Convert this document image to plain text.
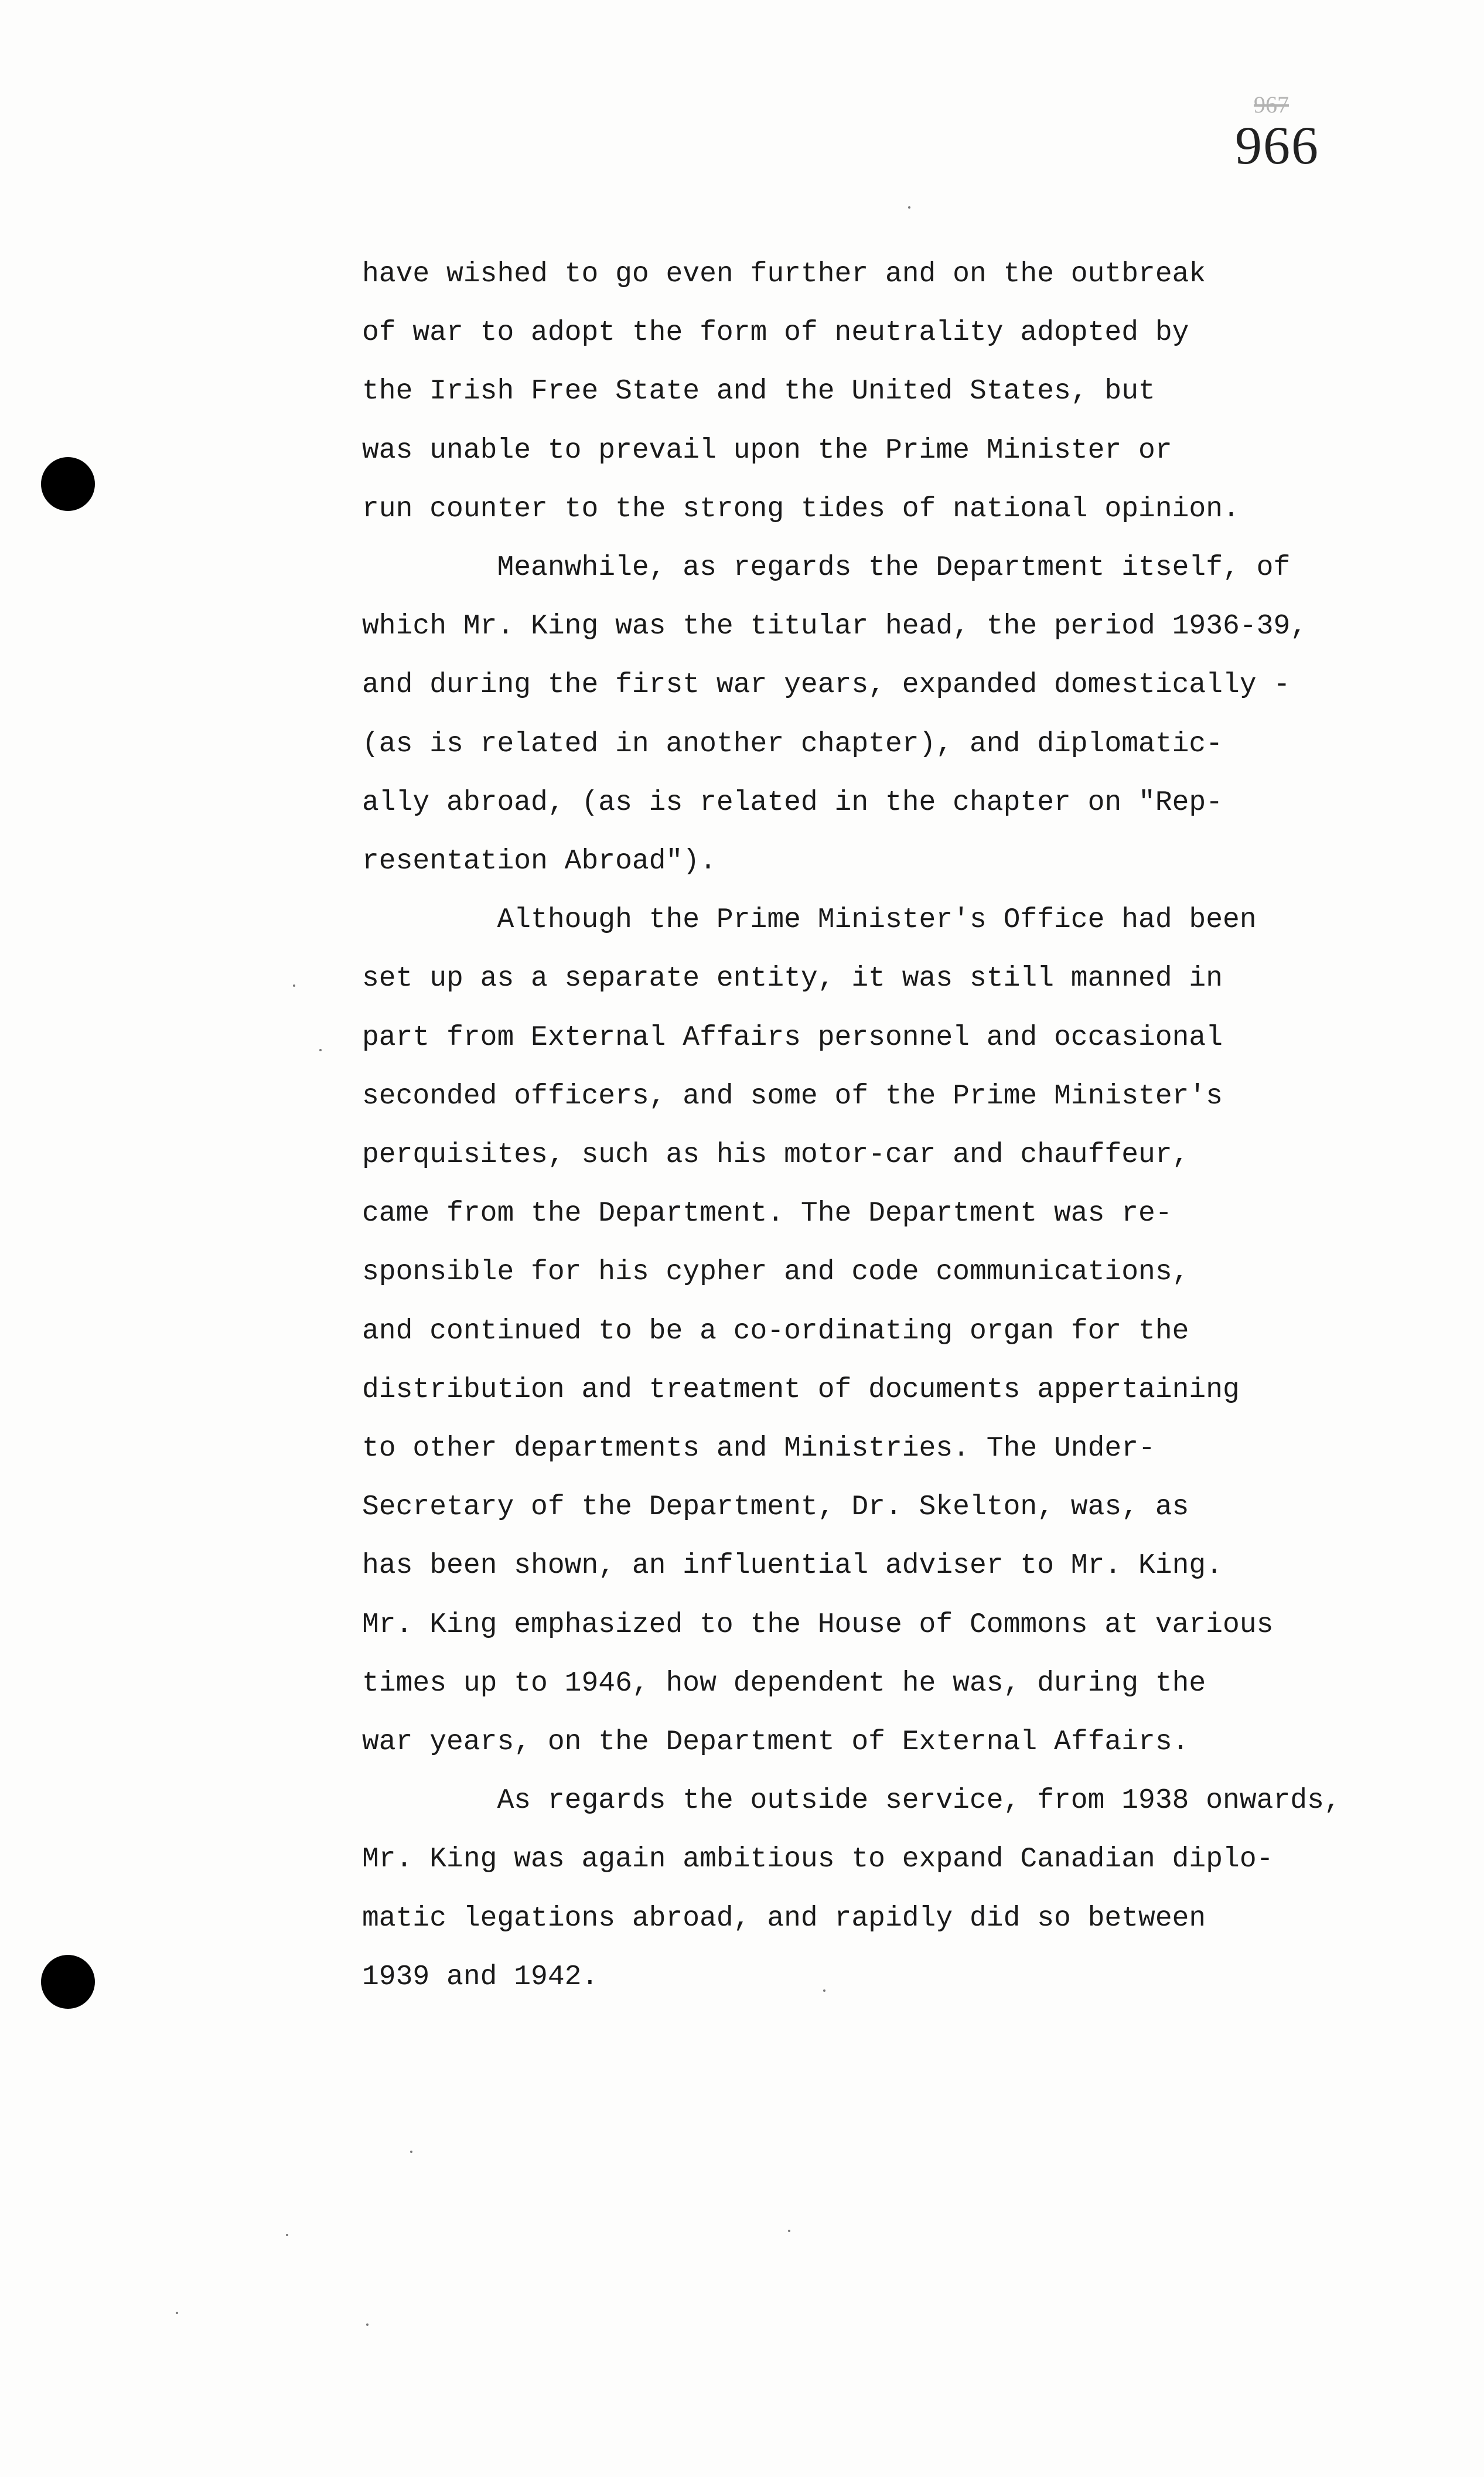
967
966
have wished to go even further and on the outbreak
of war to adopt the form of neutrality adopted by
the Irish Free State and the United States, but
was unable to prevail upon the Prime Minister or
run counter to the strong tides of national opinion.
Meanwhile, as regards the Department itself, of
which Mr. King was the titular head, the period 1936-39,
and during the first war years, expanded domestically -
(as is related in another chapter), and diplomatic-
ally abroad, (as is related in the chapter on "Rep-
resentation Abroad").
Although the Prime Minister's Office had been
set up as a separate entity, it was still manned in
part from External Affairs personnel and occasional
seconded officers, and some of the Prime Minister's
perquisites, such as his motor-car and chauffeur,
came from the Department. The Department was re-
sponsible for his cypher and code communications,
and continued to be a co-ordinating organ for the
distribution and treatment of documents appertaining
to other departments and Ministries. The Under-
Secretary of the Department, Dr. Skelton, was, as
has been shown, an influential adviser to Mr. King.
Mr. King emphasized to the House of Commons at various
times up to 1946, how dependent he was, during the
war years, on the Department of External Affairs.
As regards the outside service, from 1938 onwards,
Mr. King was again ambitious to expand Canadian diplo-
matic legations abroad, and rapidly did so between
1939 and 1942.
